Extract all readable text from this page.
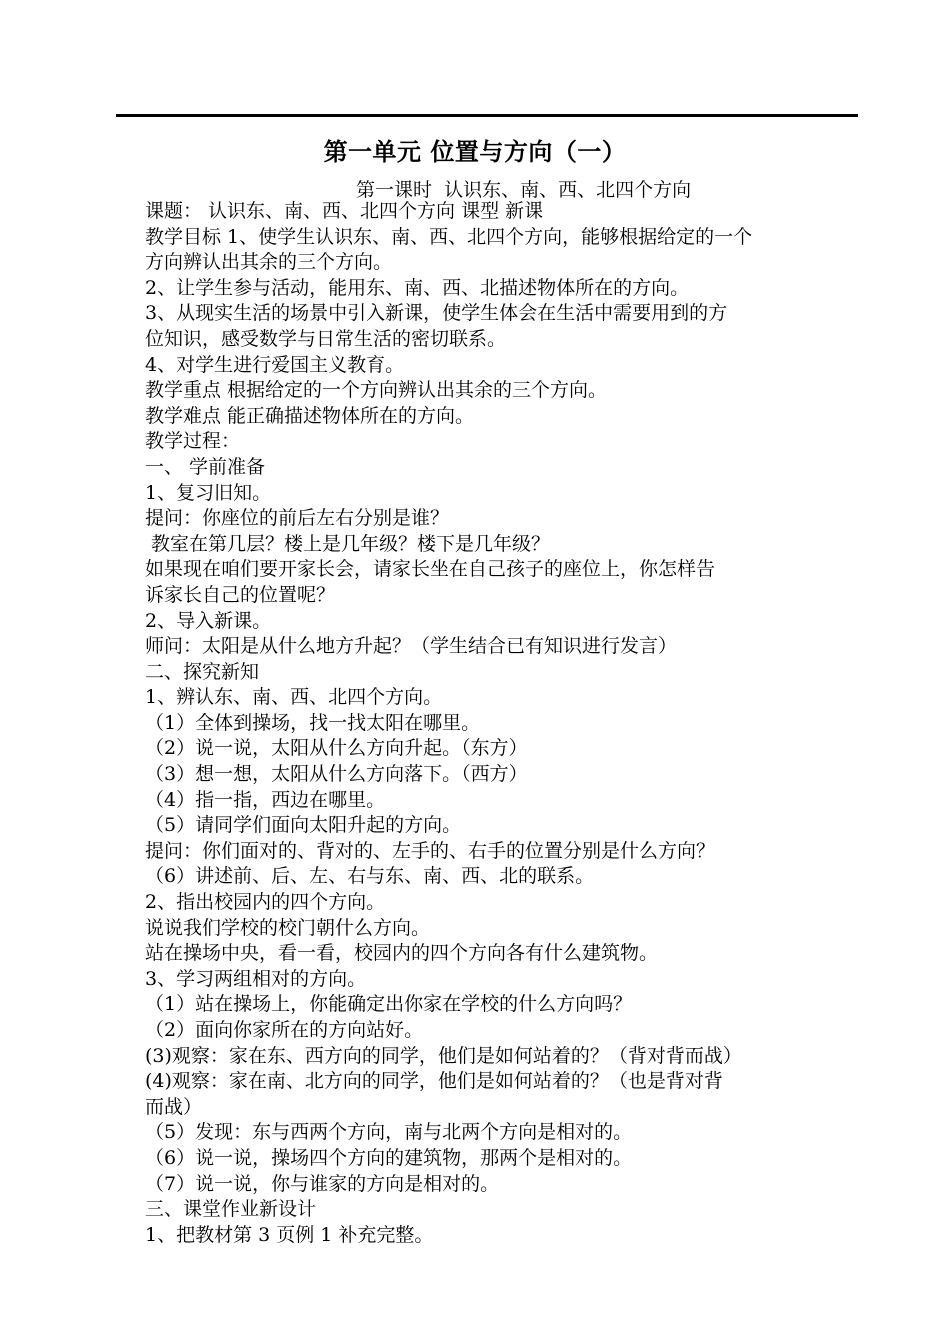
第一单元 位置与方向（一）
第一课时  认识东、南、西、北四个方向
课题： 认识东、南、西、北四个方向 课型 新课
教学目标 1、使学生认识东、南、西、北四个方向，能够根据给定的一个
方向辨认出其余的三个方向。
2、让学生参与活动，能用东、南、西、北描述物体所在的方向。
3、从现实生活的场景中引入新课，使学生体会在生活中需要用到的方
位知识，感受数学与日常生活的密切联系。
4、对学生进行爱国主义教育。
教学重点 根据给定的一个方向辨认出其余的三个方向。
教学难点 能正确描述物体所在的方向。
教学过程：
一、 学前准备
1、复习旧知。
提问：你座位的前后左右分别是谁？
教室在第几层？楼上是几年级？楼下是几年级？
如果现在咱们要开家长会，请家长坐在自己孩子的座位上，你怎样告
诉家长自己的位置呢？
2、导入新课。
师问：太阳是从什么地方升起？（学生结合已有知识进行发言）
二、探究新知
1、辨认东、南、西、北四个方向。
（1）全体到操场，找一找太阳在哪里。
（2）说一说，太阳从什么方向升起。（东方）
（3）想一想，太阳从什么方向落下。（西方）
（4）指一指，西边在哪里。
（5）请同学们面向太阳升起的方向。
提问：你们面对的、背对的、左手的、右手的位置分别是什么方向？
（6）讲述前、后、左、右与东、南、西、北的联系。
2、指出校园内的四个方向。
说说我们学校的校门朝什么方向。
站在操场中央，看一看，校园内的四个方向各有什么建筑物。
3、学习两组相对的方向。
（1）站在操场上，你能确定出你家在学校的什么方向吗？
（2）面向你家所在的方向站好。
(3)观察：家在东、西方向的同学，他们是如何站着的？（背对背而战）
(4)观察：家在南、北方向的同学，他们是如何站着的？（也是背对背
而战）
（5）发现：东与西两个方向，南与北两个方向是相对的。
（6）说一说，操场四个方向的建筑物，那两个是相对的。
（7）说一说，你与谁家的方向是相对的。
三、课堂作业新设计
1、把教材第 3 页例 1 补充完整。
